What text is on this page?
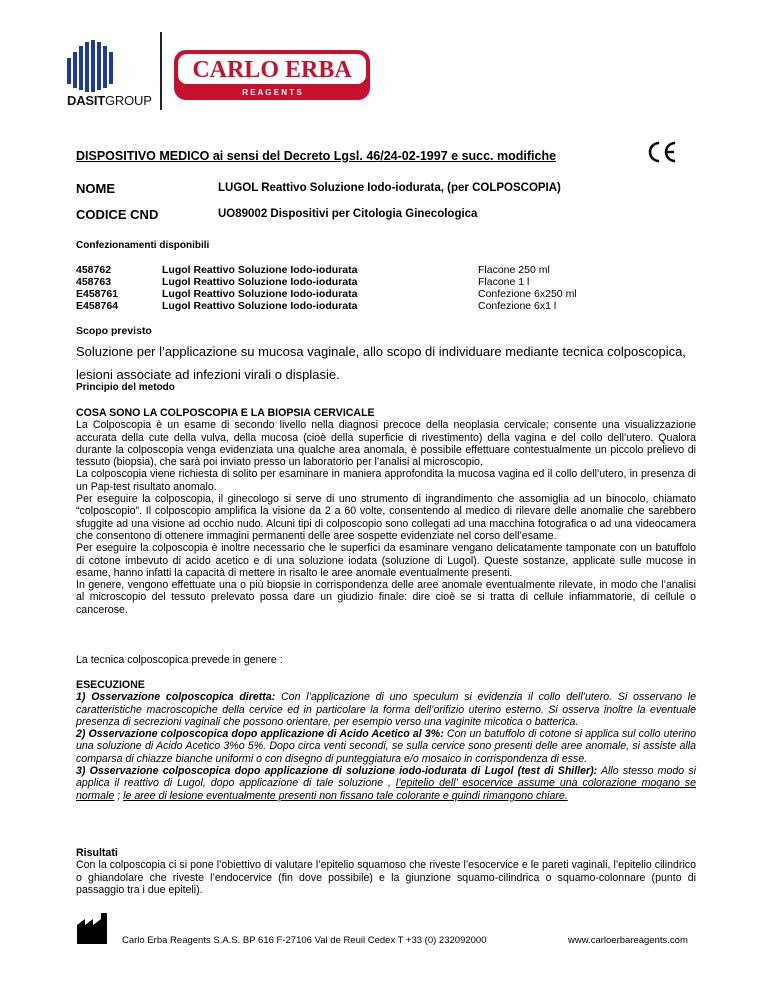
DASITGROUP
CARLO ERBA
R E A G E N T S
DISPOSITIVO MEDICO ai sensi del Decreto Lgsl. 46/24-02-1997 e succ. modifiche
NOME	LUGOL Reattivo Soluzione Iodo-iodurata, (per COLPOSCOPIA)
CODICE CND	UO89002 Dispositivi per Citologia Ginecologica
Confezionamenti disponibili
458762	Lugol Reattivo Soluzione Iodo-iodurata	Flacone 250 ml
458763	Lugol Reattivo Soluzione Iodo-iodurata	Flacone 1 l
E458761	Lugol Reattivo Soluzione Iodo-iodurata	Confezione 6x250 ml
E458764	Lugol Reattivo Soluzione Iodo-iodurata	Confezione 6x1 l
Scopo previsto
Soluzione per l’applicazione su mucosa vaginale, allo scopo di individuare mediante tecnica colposcopica, lesioni associate ad infezioni virali o displasie.
Principio del metodo

COSA SONO LA COLPOSCOPIA E LA BIOPSIA CERVICALE

La Colposcopia è un esame di secondo livello nella diagnosi precoce della neoplasia cervicale; consente una visualizzazione accurata della cute della vulva, della mucosa (cioè della superficie di rivestimento) della vagina e del collo dell’utero. Qualora durante la colposcopia venga evidenziata una qualche area anomala, è possibile effettuare contestualmente un piccolo prelievo di tessuto (biopsia), che sarà poi inviato presso un laboratorio per l’analisi al microscopio.

La colposcopia viene richiesta di solito per esaminare in maniera approfondita la mucosa vagina ed il collo dell’utero, in presenza di un Pap-test risultato anomalo.

Per eseguire la colposcopia, il ginecologo si serve di uno strumento di ingrandimento che assomiglia ad un binocolo, chiamato “colposcopio”. Il colposcopio amplifica la visione da 2 a 60 volte, consentendo al medico di rilevare delle anomalie che sarebbero sfuggite ad una visione ad occhio nudo. Alcuni tipi di colposcopio sono collegati ad una macchina fotografica o ad una videocamera che consentono di ottenere immagini permanenti delle aree sospette evidenziate nel corso dell’esame.

Per eseguire la colposcopia è inoltre necessario che le superfici da esaminare vengano delicatamente tamponate con un batuffolo di cotone imbevuto di acido acetico e di una soluzione iodata (soluzione di Lugol). Queste sostanze, applicate sulle mucose in esame, hanno infatti la capacità di mettere in risalto le aree anomale eventualmente presenti.

In genere, vengono effettuate una o più biopsie in corrispondenza delle aree anomale eventualmente rilevate, in modo che l’analisi al microscopio del tessuto prelevato possa dare un giudizio finale: dire cioè se si tratta di cellule infiammatorie, di cellule o cancerose.

La tecnica colposcopica prevede in genere :

ESECUZIONE

1) Osservazione colposcopica diretta: Con l’applicazione di uno speculum si evidenzia il collo dell’utero. Si osservano le caratteristiche macroscopiche della cervice ed in particolare la forma dell’orifizio uterino esterno. Si osserva inoltre la eventuale presenza di secrezioni vaginali che possono orientare, per esempio verso una vaginite micotica o batterica.

2) Osservazione colposcopica dopo applicazione di Acido Acetico al 3%: Con un batuffolo di cotone si applica sul collo uterino una soluzione di Acido Acetico 3%o 5%. Dopo circa venti secondi, se sulla cervice sono presenti delle aree anomale, si assiste alla comparsa di chiazze bianche uniformi o con disegno di punteggiatura e/o mosaico in corrispondenza di esse.

3) Osservazione colposcopica dopo applicazione di soluzione iodo-iodurata di Lugol (test di Shiller): Allo stesso modo si applica il reattivo di Lugol, dopo applicazione di tale soluzione , l’epitelio dell’ esocervice assume una colorazione mogano se normale ; le aree di lesione eventualmente presenti non fissano tale colorante e quindi rimangono chiare.

Risultati

Con la colposcopia ci si pone l’obiettivo di valutare l’epitelio squamoso che riveste l’esocervice e le pareti vaginali, l’epitelio cilindrico o ghiandolare che riveste l’endocervice (fin dove possibile) e la giunzione squamo-cilindrica o squamo-colonnare (punto di passaggio tra i due epiteli).

Carlo Erba Reagents S.A.S. BP 616 F-27106 Val de Reuil Cedex T +33 (0) 232092000	www.carloerbareagents.com
